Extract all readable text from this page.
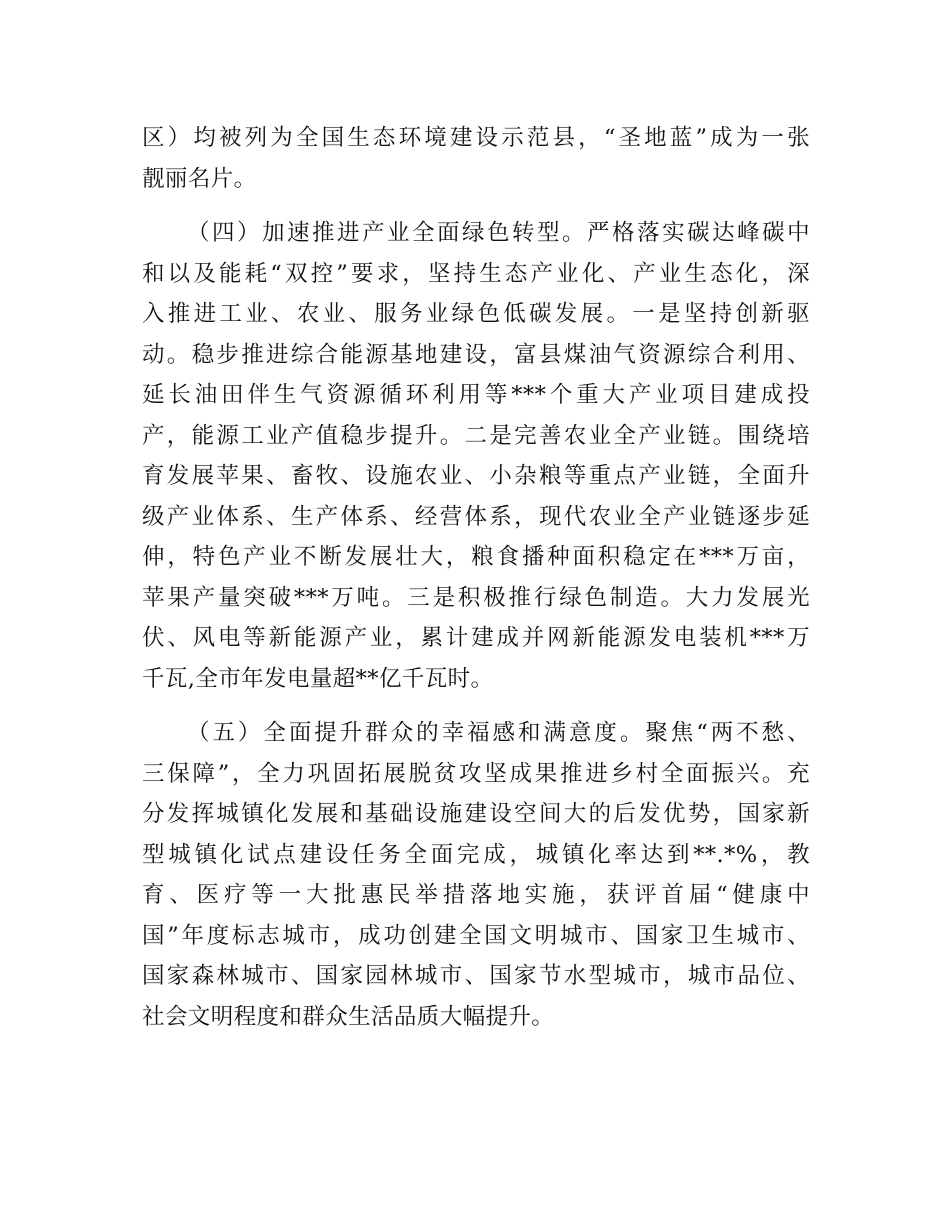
区）均被列为全国生态环境建设示范县，“圣地蓝”成为一张
靓丽名片。

（四）加速推进产业全面绿色转型。严格落实碳达峰碳中
和以及能耗“双控”要求，坚持生态产业化、产业生态化，深
入推进工业、农业、服务业绿色低碳发展。一是坚持创新驱
动。稳步推进综合能源基地建设，富县煤油气资源综合利用、
延长油田伴生气资源循环利用等***个重大产业项目建成投
产，能源工业产值稳步提升。二是完善农业全产业链。围绕培
育发展苹果、畜牧、设施农业、小杂粮等重点产业链，全面升
级产业体系、生产体系、经营体系，现代农业全产业链逐步延
伸，特色产业不断发展壮大，粮食播种面积稳定在***万亩，
苹果产量突破***万吨。三是积极推行绿色制造。大力发展光
伏、风电等新能源产业，累计建成并网新能源发电装机***万
千瓦,全市年发电量超**亿千瓦时。

（五）全面提升群众的幸福感和满意度。聚焦“两不愁、
三保障”，全力巩固拓展脱贫攻坚成果推进乡村全面振兴。充
分发挥城镇化发展和基础设施建设空间大的后发优势，国家新
型城镇化试点建设任务全面完成，城镇化率达到**.*%，教
育、医疗等一大批惠民举措落地实施，获评首届“健康中
国”年度标志城市，成功创建全国文明城市、国家卫生城市、
国家森林城市、国家园林城市、国家节水型城市，城市品位、
社会文明程度和群众生活品质大幅提升。
